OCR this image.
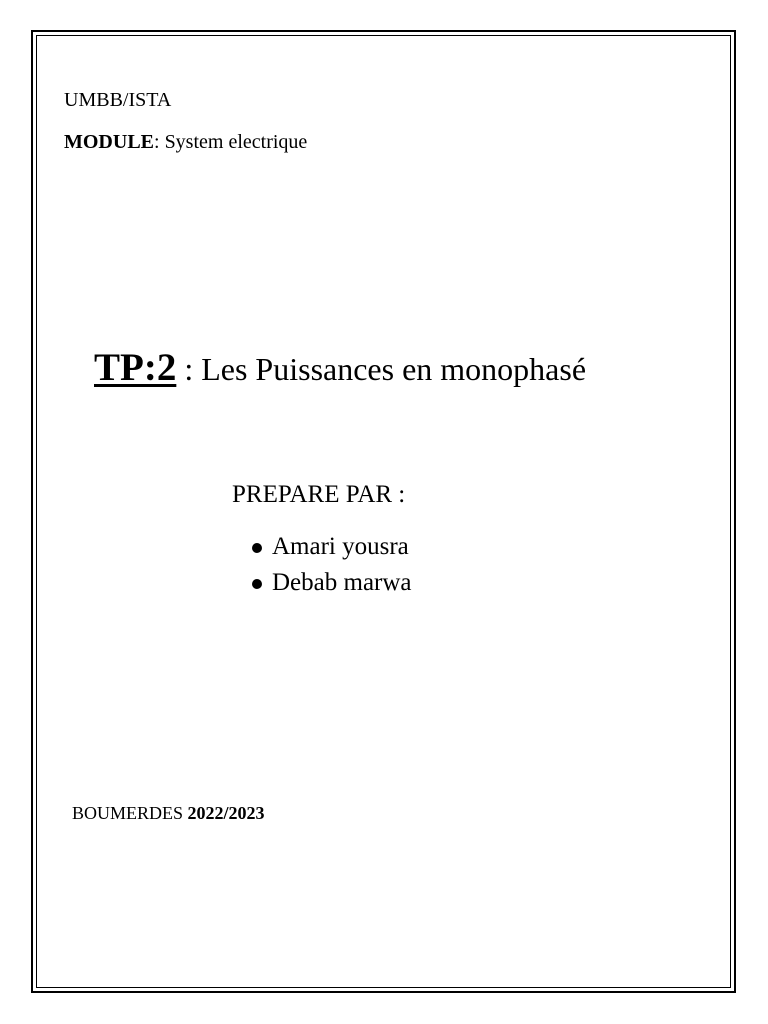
UMBB/ISTA
MODULE: System electrique
TP:2 : Les Puissances en monophasé
PREPARE PAR :
Amari yousra
Debab marwa
BOUMERDES 2022/2023
